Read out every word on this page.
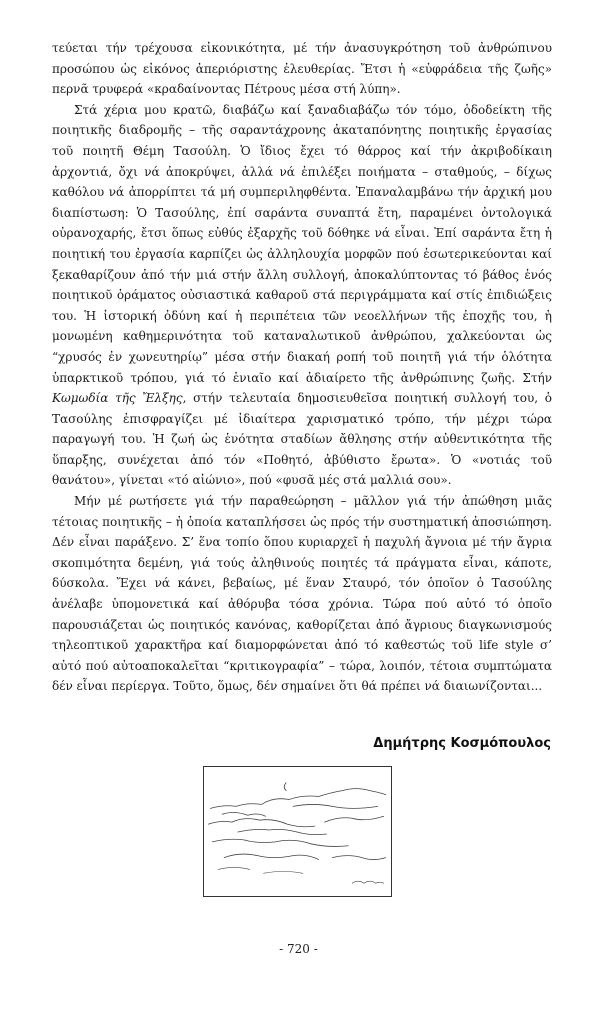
τεύεται τήν τρέχουσα εἰκονικότητα, μέ τήν ἀνασυγκρότηση τοῦ ἀνθρώπινου προσώπου ὡς εἰκόνος ἀπεριόριστης ἐλευθερίας. Ἔτσι ἡ «εὐφράδεια τῆς ζωῆς» περνᾶ τρυφερά «κραδαίνοντας Πέτρους μέσα στή λύπη».

Στά χέρια μου κρατῶ, διαβάζω καί ξαναδιαβάζω τόν τόμο, ὁδοδείκτη τῆς ποιητικῆς διαδρομῆς – τῆς σαραντάχρονης ἀκαταπόνητης ποιητικῆς ἐργασίας τοῦ ποιητῆ Θέμη Τασούλη. Ὁ ἴδιος ἔχει τό θάρρος καί τήν ἀκριβοδίκαιη ἀρχοντιά, ὄχι νά ἀποκρύψει, ἀλλά νά ἐπιλέξει ποιήματα – σταθμούς, – δίχως καθόλου νά ἀπορρίπτει τά μή συμπεριληφθέντα. Ἐπαναλαμβάνω τήν ἀρχική μου διαπίστωση: Ὁ Τασούλης, ἐπί σαράντα συναπτά ἔτη, παραμένει ὀντολογικά οὐρανοχαρής, ἔτσι ὅπως εὐθύς ἐξαρχῆς τοῦ δόθηκε νά εἶναι. Ἐπί σαράντα ἔτη ἡ ποιητική του ἐργασία καρπίζει ὡς ἀλληλουχία μορφῶν πού ἐσωτερικεύονται καί ξεκαθαρίζουν ἀπό τήν μιά στήν ἄλλη συλλογή, ἀποκαλύπτοντας τό βάθος ἑνός ποιητικοῦ ὁράματος οὐσιαστικά καθαροῦ στά περιγράμματα καί στίς ἐπιδιώξεις του. Ἡ ἱστορική ὀδύνη καί ἡ περιπέτεια τῶν νεοελλήνων τῆς ἐποχῆς του, ἡ μονωμένη καθημερινότητα τοῦ καταναλωτικοῦ ἀνθρώπου, χαλκεύονται ὡς “χρυσός ἐν χωνευτηρίῳ” μέσα στήν διακαή ροπή τοῦ ποιητῆ γιά τήν ὁλότητα ὑπαρκτικοῦ τρόπου, γιά τό ἑνιαῖο καί ἀδιαίρετο τῆς ἀνθρώπινης ζωῆς. Στήν Κωμωδία τῆς Ἔλξης, στήν τελευταία δημοσιευθεῖσα ποιητική συλλογή του, ὁ Τασούλης ἐπισφραγίζει μέ ἰδιαίτερα χαρισματικό τρόπο, τήν μέχρι τώρα παραγωγή του. Ἡ ζωή ὡς ἑνότητα σταδίων ἄθλησης στήν αὐθεντικότητα τῆς ὕπαρξης, συνέχεται ἀπό τόν «Ποθητό, ἀβύθιστο ἔρωτα». Ὁ «νοτιάς τοῦ θανάτου», γίνεται «τό αἰώνιο», πού «φυσᾶ μές στά μαλλιά σου».

Μήν μέ ρωτήσετε γιά τήν παραθεώρηση – μᾶλλον γιά τήν ἀπώθηση μιᾶς τέτοιας ποιητικῆς – ἡ ὁποία καταπλήσσει ὡς πρός τήν συστηματική ἀποσιώπηση. Δέν εἶναι παράξενο. Σ’ ἕνα τοπίο ὅπου κυριαρχεῖ ἡ παχυλή ἄγνοια μέ τήν ἄγρια σκοπιμότητα δεμένη, γιά τούς ἀληθινούς ποιητές τά πράγματα εἶναι, κάποτε, δύσκολα. Ἔχει νά κάνει, βεβαίως, μέ ἕναν Σταυρό, τόν ὁποῖον ὁ Τασούλης ἀνέλαβε ὑπομονετικά καί ἀθόρυβα τόσα χρόνια. Τώρα πού αὐτό τό ὁποῖο παρουσιάζεται ὡς ποιητικός κανόνας, καθορίζεται ἀπό ἄγριους διαγκωνισμούς τηλεοπτικοῦ χαρακτῆρα καί διαμορφώνεται ἀπό τό καθεστώς τοῦ life style σ’ αὐτό πού αὐτοαποκαλεῖται “κριτικογραφία” – τώρα, λοιπόν, τέτοια συμπτώματα δέν εἶναι περίεργα. Τοῦτο, ὅμως, δέν σημαίνει ὅτι θά πρέπει νά διαιωνίζονται...

Δημήτρης Κοσμόπουλος
- 720 -
